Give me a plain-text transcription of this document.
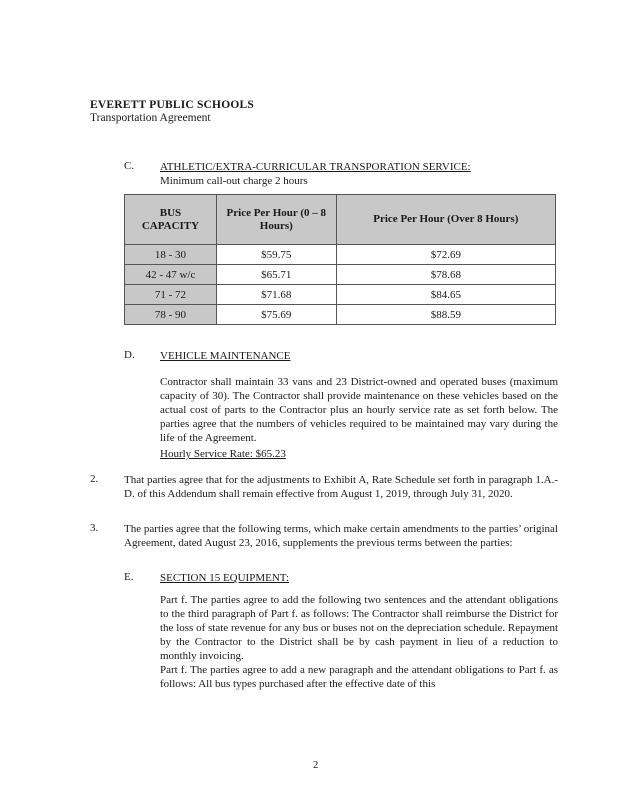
EVERETT PUBLIC SCHOOLS
Transportation Agreement
C. ATHLETIC/EXTRA-CURRICULAR TRANSPORATION SERVICE:
Minimum call-out charge 2 hours
BUS CAPACITY	Price Per Hour (0 – 8 Hours)	Price Per Hour (Over 8 Hours)
18 - 30	$59.75	$72.69
42 - 47 w/c	$65.71	$78.68
71 - 72	$71.68	$84.65
78 - 90	$75.69	$88.59
D. VEHICLE MAINTENANCE
Contractor shall maintain 33 vans and 23 District-owned and operated buses (maximum capacity of 30). The Contractor shall provide maintenance on these vehicles based on the actual cost of parts to the Contractor plus an hourly service rate as set forth below. The parties agree that the numbers of vehicles required to be maintained may vary during the life of the Agreement.
Hourly Service Rate: $65.23
2. That parties agree that for the adjustments to Exhibit A, Rate Schedule set forth in paragraph 1.A.-D. of this Addendum shall remain effective from August 1, 2019, through July 31, 2020.
3. The parties agree that the following terms, which make certain amendments to the parties’ original Agreement, dated August 23, 2016, supplements the previous terms between the parties:
E. SECTION 15 EQUIPMENT:
Part f. The parties agree to add the following two sentences and the attendant obligations to the third paragraph of Part f. as follows: The Contractor shall reimburse the District for the loss of state revenue for any bus or buses not on the depreciation schedule. Repayment by the Contractor to the District shall be by cash payment in lieu of a reduction to monthly invoicing.
Part f. The parties agree to add a new paragraph and the attendant obligations to Part f. as follows: All bus types purchased after the effective date of this
2
